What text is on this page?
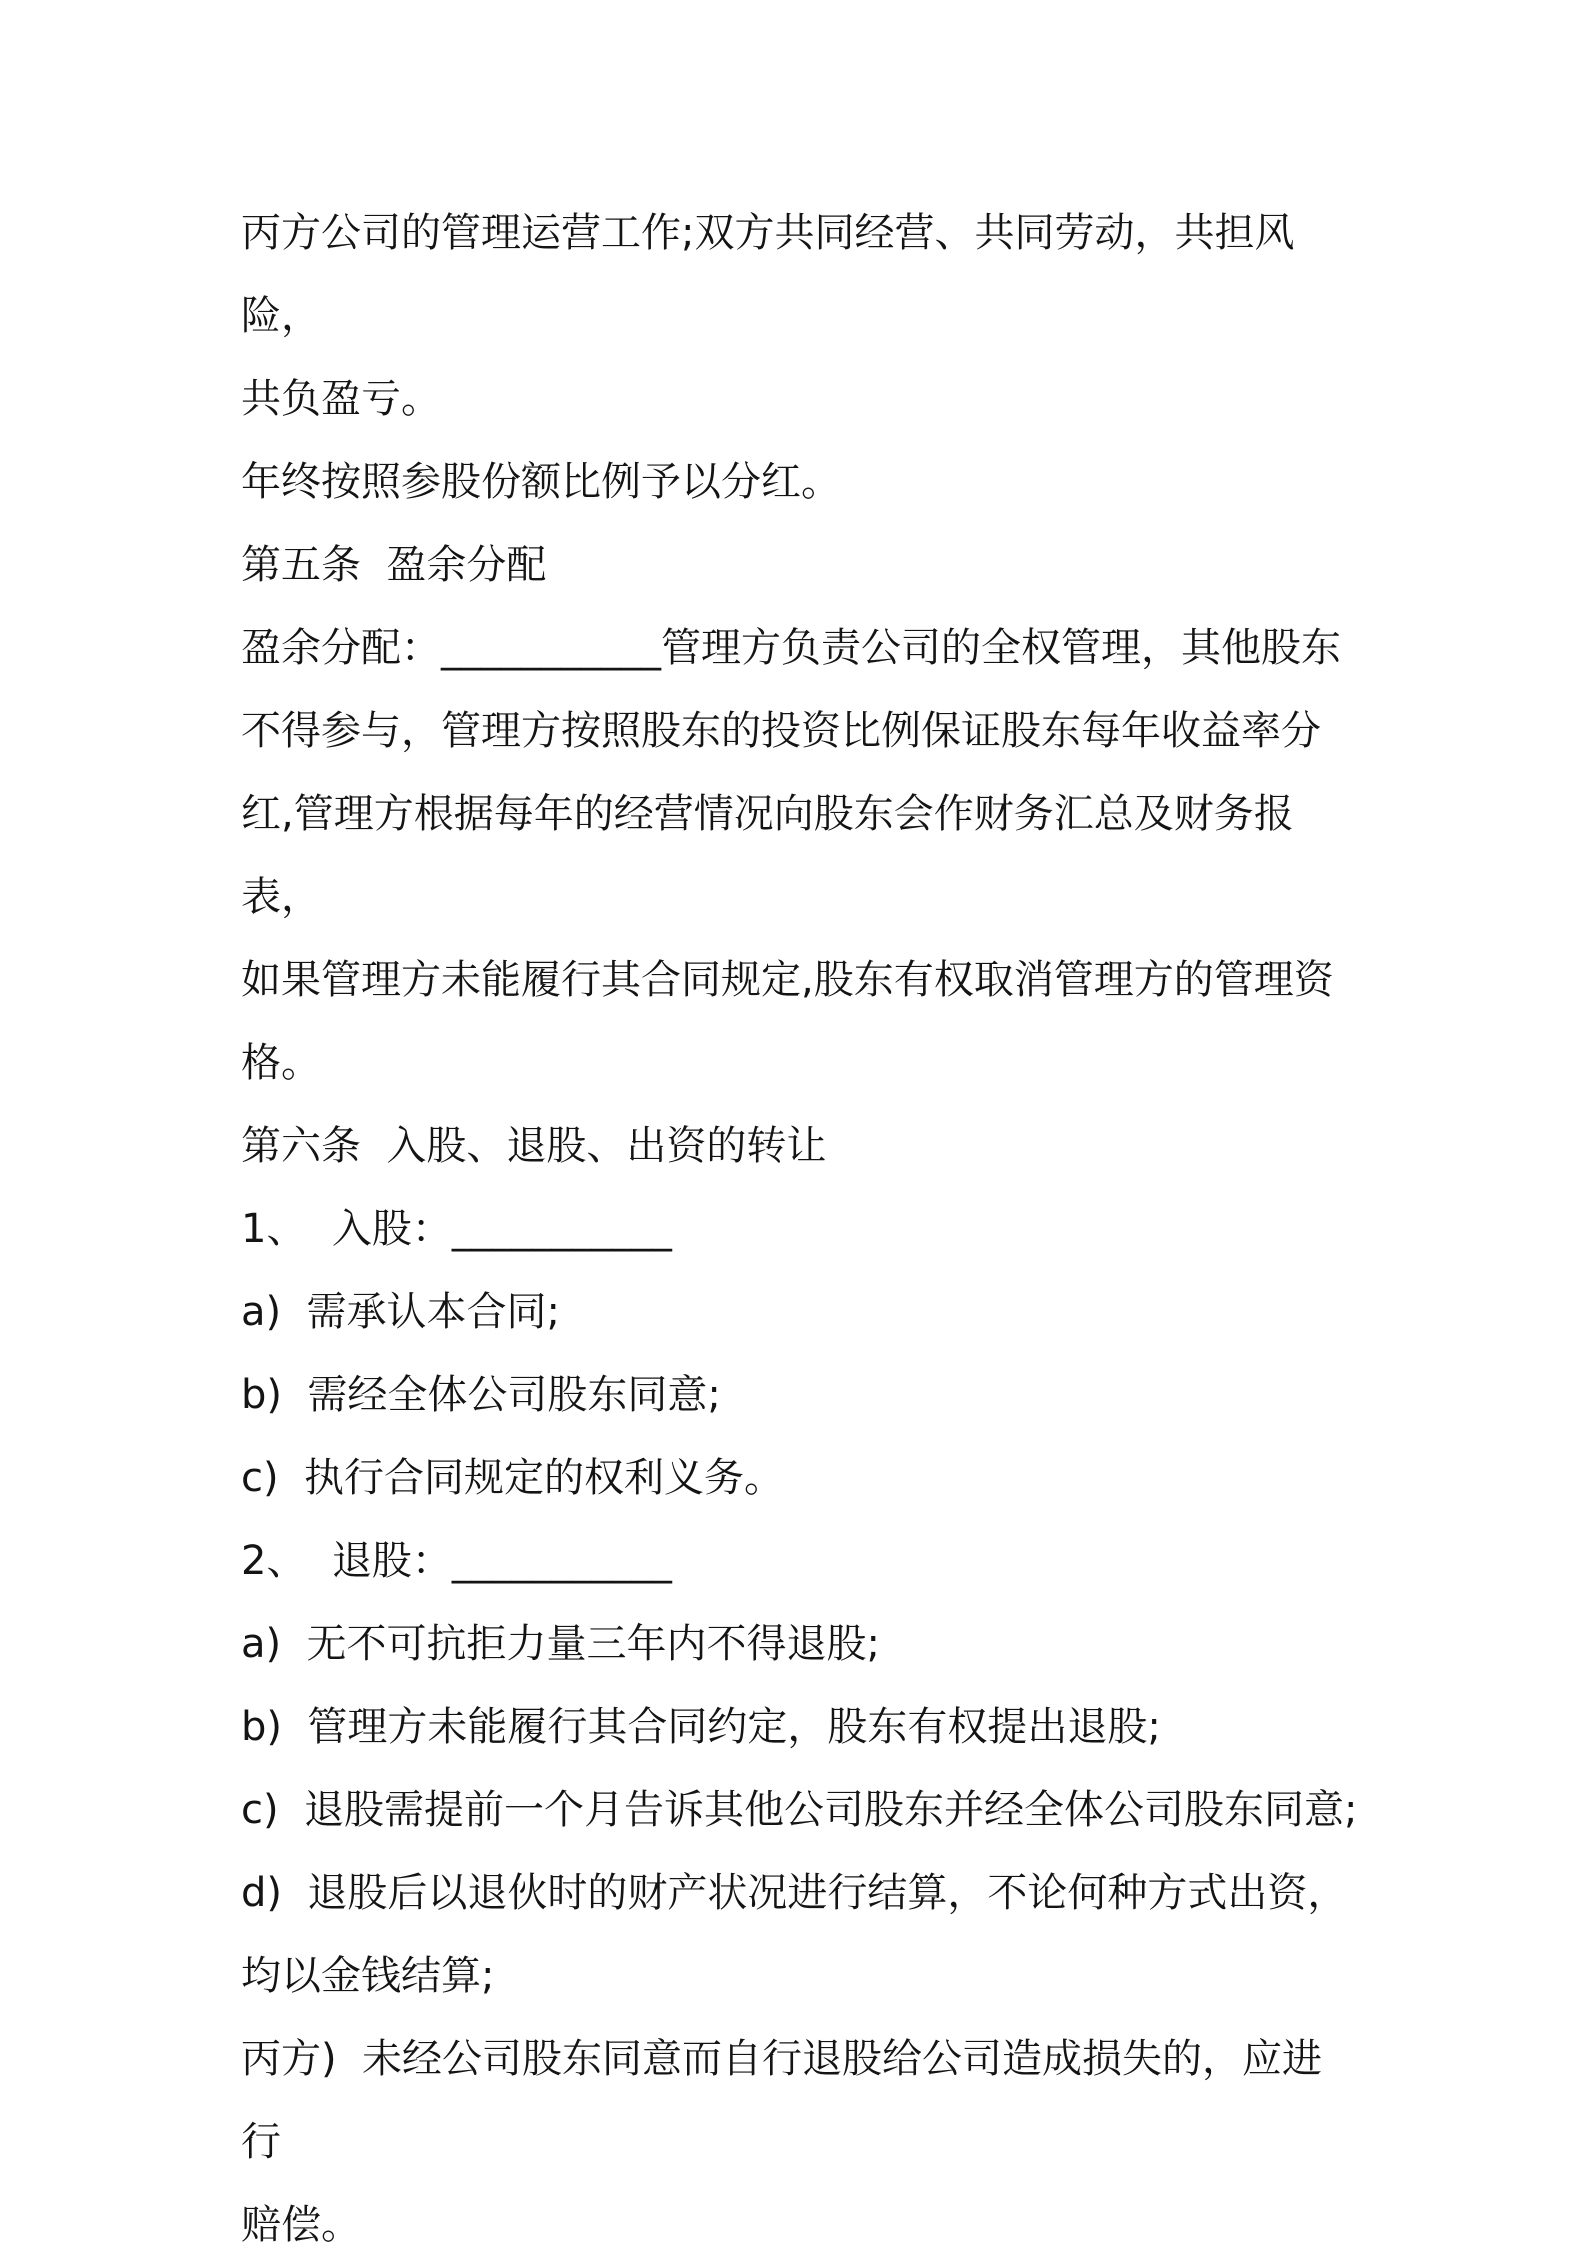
丙方公司的管理运营工作;双方共同经营、共同劳动，共担风险，

共负盈亏。

年终按照参股份额比例予以分红。

第五条  盈余分配

盈余分配：___________管理方负责公司的全权管理，其他股东

不得参与，管理方按照股东的投资比例保证股东每年收益率分

红,管理方根据每年的经营情况向股东会作财务汇总及财务报表，

如果管理方未能履行其合同规定,股东有权取消管理方的管理资

格。

第六条  入股、退股、出资的转让

1、  入股：___________

a)  需承认本合同;

b)  需经全体公司股东同意;

c)  执行合同规定的权利义务。

2、  退股：___________

a)  无不可抗拒力量三年内不得退股;

b)  管理方未能履行其合同约定，股东有权提出退股;

c)  退股需提前一个月告诉其他公司股东并经全体公司股东同意;

d)  退股后以退伙时的财产状况进行结算，不论何种方式出资，

均以金钱结算;

丙方)  未经公司股东同意而自行退股给公司造成损失的，应进行

赔偿。
